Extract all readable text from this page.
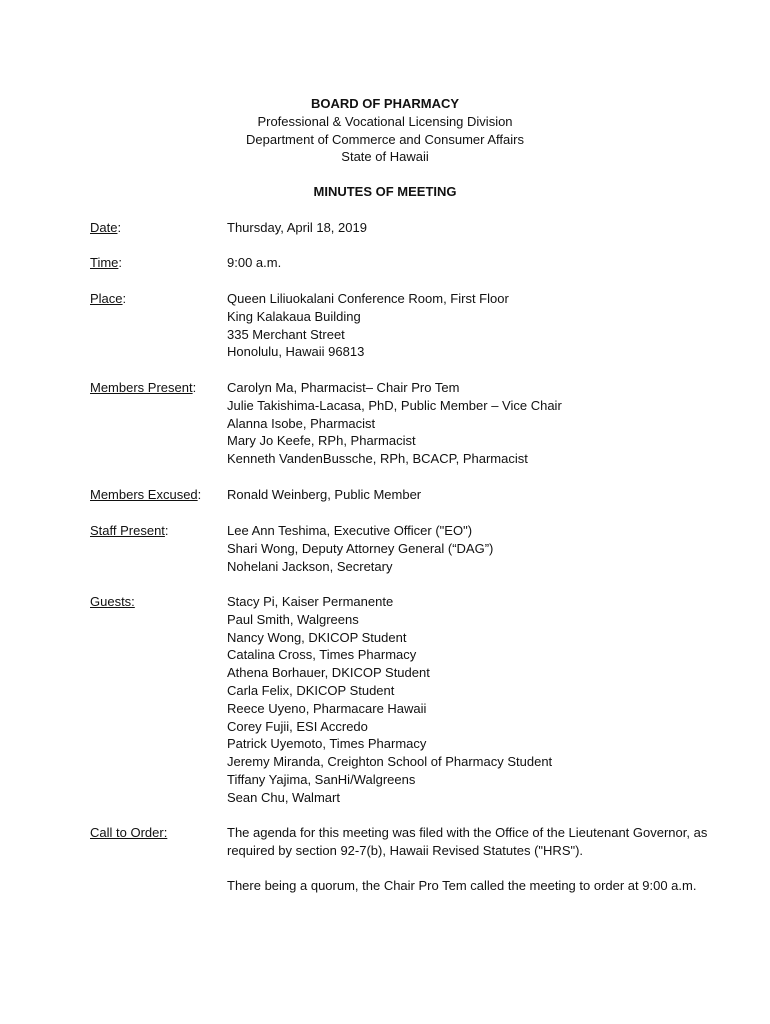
BOARD OF PHARMACY
Professional & Vocational Licensing Division
Department of Commerce and Consumer Affairs
State of Hawaii
MINUTES OF MEETING
Date:	Thursday, April 18, 2019
Time:	9:00 a.m.
Place:	Queen Liliuokalani Conference Room, First Floor
King Kalakaua Building
335 Merchant Street
Honolulu, Hawaii 96813
Members Present:	Carolyn Ma, Pharmacist– Chair Pro Tem
Julie Takishima-Lacasa, PhD, Public Member – Vice Chair
Alanna Isobe, Pharmacist
Mary Jo Keefe, RPh, Pharmacist
Kenneth VandenBussche, RPh, BCACP, Pharmacist
Members Excused:	Ronald Weinberg, Public Member
Staff Present:	Lee Ann Teshima, Executive Officer ("EO")
Shari Wong, Deputy Attorney General (“DAG”)
Nohelani Jackson, Secretary
Guests:	Stacy Pi, Kaiser Permanente
Paul Smith, Walgreens
Nancy Wong, DKICOP Student
Catalina Cross, Times Pharmacy
Athena Borhauer, DKICOP Student
Carla Felix, DKICOP Student
Reece Uyeno, Pharmacare Hawaii
Corey Fujii, ESI Accredo
Patrick Uyemoto, Times Pharmacy
Jeremy Miranda, Creighton School of Pharmacy Student
Tiffany Yajima, SanHi/Walgreens
Sean Chu, Walmart
Call to Order:	The agenda for this meeting was filed with the Office of the Lieutenant Governor, as required by section 92-7(b), Hawaii Revised Statutes ("HRS").

There being a quorum, the Chair Pro Tem called the meeting to order at 9:00 a.m.
